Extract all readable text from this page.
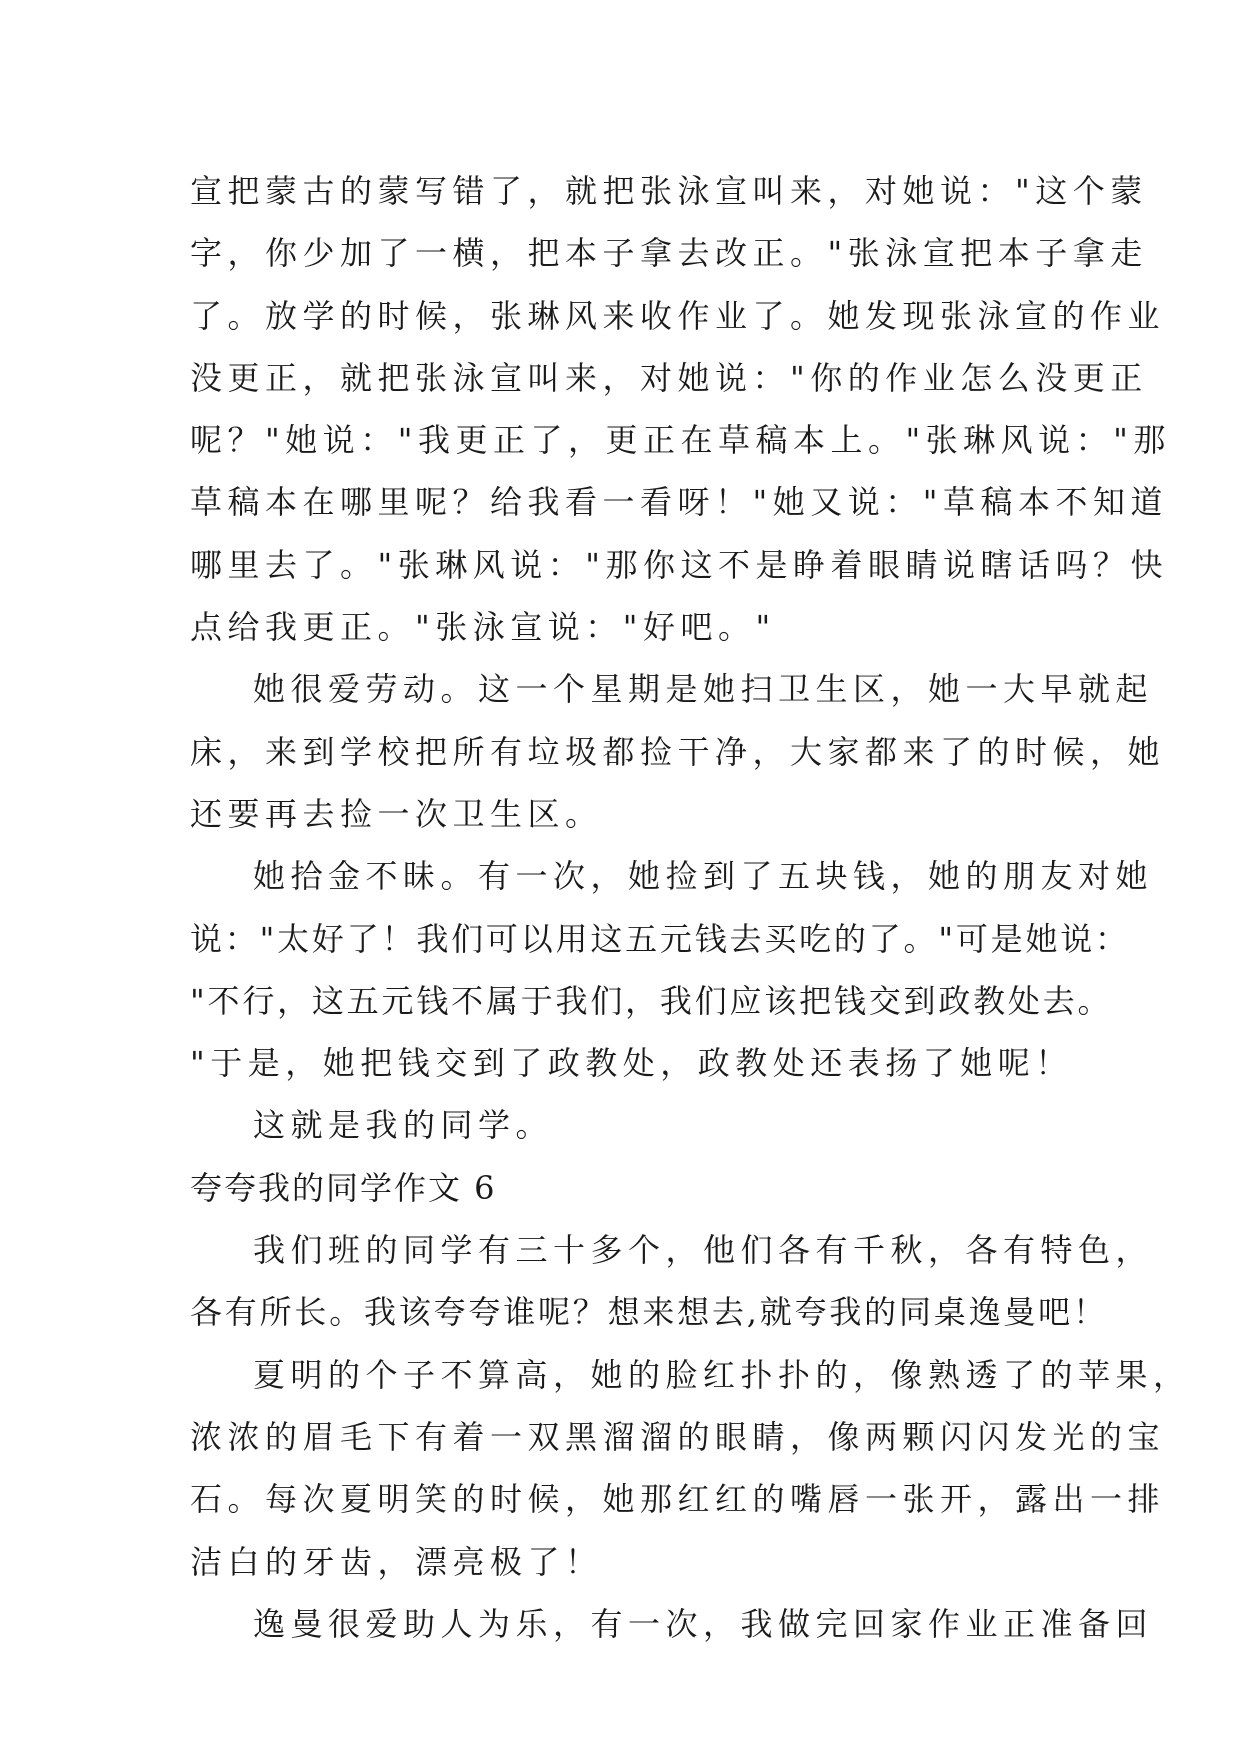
宣把蒙古的蒙写错了，就把张泳宣叫来，对她说："这个蒙
字，你少加了一横，把本子拿去改正。"张泳宣把本子拿走
了。放学的时候，张琳风来收作业了。她发现张泳宣的作业
没更正，就把张泳宣叫来，对她说："你的作业怎么没更正
呢？"她说："我更正了，更正在草稿本上。"张琳风说："那
草稿本在哪里呢？给我看一看呀！"她又说："草稿本不知道
哪里去了。"张琳风说："那你这不是睁着眼睛说瞎话吗？快
点给我更正。"张泳宣说："好吧。"
她很爱劳动。这一个星期是她扫卫生区，她一大早就起
床，来到学校把所有垃圾都捡干净，大家都来了的时候，她
还要再去捡一次卫生区。
她拾金不昧。有一次，她捡到了五块钱，她的朋友对她
说："太好了！我们可以用这五元钱去买吃的了。"可是她说：
"不行，这五元钱不属于我们，我们应该把钱交到政教处去。
"于是，她把钱交到了政教处，政教处还表扬了她呢！
这就是我的同学。
夸夸我的同学作文 6
我们班的同学有三十多个，他们各有千秋，各有特色，
各有所长。我该夸夸谁呢？想来想去,就夸我的同桌逸曼吧！
夏明的个子不算高，她的脸红扑扑的，像熟透了的苹果，
浓浓的眉毛下有着一双黑溜溜的眼睛，像两颗闪闪发光的宝
石。每次夏明笑的时候，她那红红的嘴唇一张开，露出一排
洁白的牙齿，漂亮极了！
逸曼很爱助人为乐，有一次，我做完回家作业正准备回
